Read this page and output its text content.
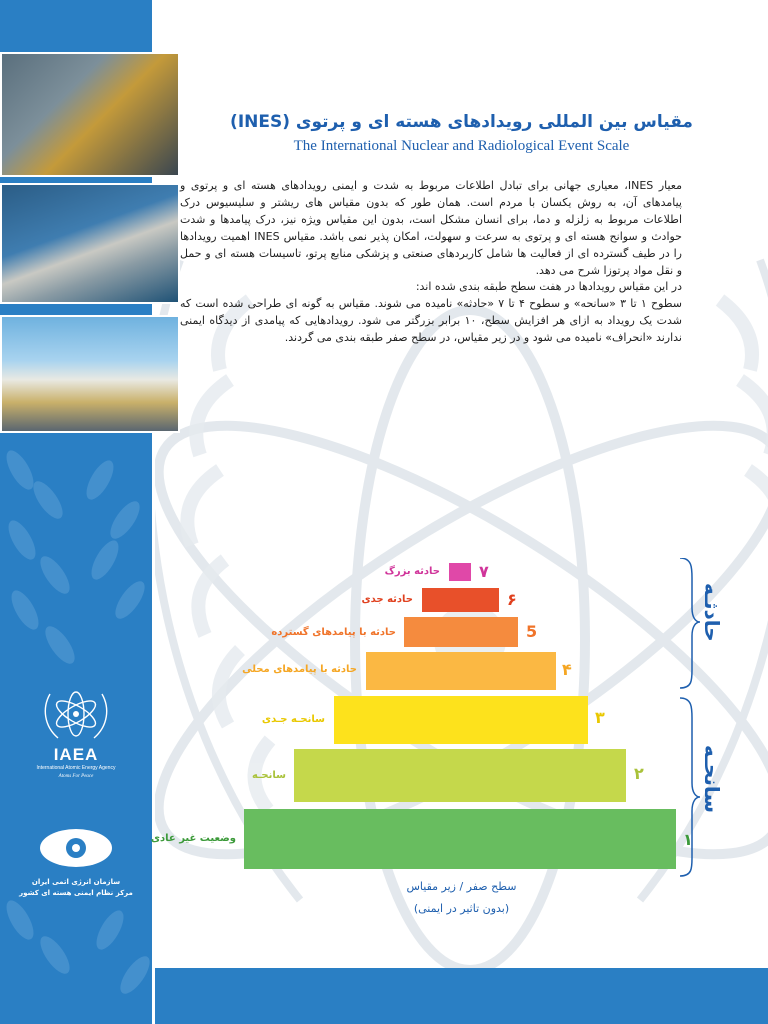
IAEA
International Atomic Energy Agency
Atoms For Peace
سازمان انرژی اتمی ایران
مرکز نظام ایمنی هسته ای کشور
مقیاس بین المللی رویدادهای هسته ای و پرتوی (INES)
The International Nuclear and Radiological Event Scale

معیار INES، معیاری جهانی برای تبادل اطلاعات مربوط به شدت و ایمنی رویدادهای هسته ای و پرتوی و پیامدهای آن، به روش یکسان با مردم است. همان طور که بدون مقیاس های ریشتر و سلیسیوس درک اطلاعات مربوط به زلزله و دما، برای انسان مشکل است، بدون این مقیاس ویژه نیز، درک پیامدها و شدت حوادث و سوانح هسته ای و پرتوی به سرعت و سهولت، امکان پذیر نمی باشد. مقیاس INES اهمیت رویدادها را در طیف گسترده ای از فعالیت ها شامل کاربردهای صنعتی و پزشکی منابع پرتو، تاسیسات هسته ای و حمل و نقل مواد پرتوزا شرح می دهد.

در این مقیاس رویدادها در هفت سطح طبقه بندی شده اند:

سطوح ۱ تا ۳ «سانحه» و سطوح ۴ تا ۷ «حادثه» نامیده می شوند. مقیاس به گونه ای طراحی شده است که شدت یک رویداد به ازای هر افزایش سطح، ۱۰ برابر بزرگتر می شود. رویدادهایی که پیامدی از دیدگاه ایمنی ندارند «انحراف» نامیده می شود و در زیر مقیاس، در سطح صفر طبقه بندی می گردند.

۷
حادثه بزرگ
۶
حادثه جدی
5
حادثه با پیامدهای گسترده
۴
حادثه با پیامدهای محلی
۳
سانحـه جـدی
۲
سانحـه
۱
وضعیت غیر عادی
حادثـه
سانحـه
سطح صفر / زیر مقیاس
(بدون تاثیر در ایمنی)
